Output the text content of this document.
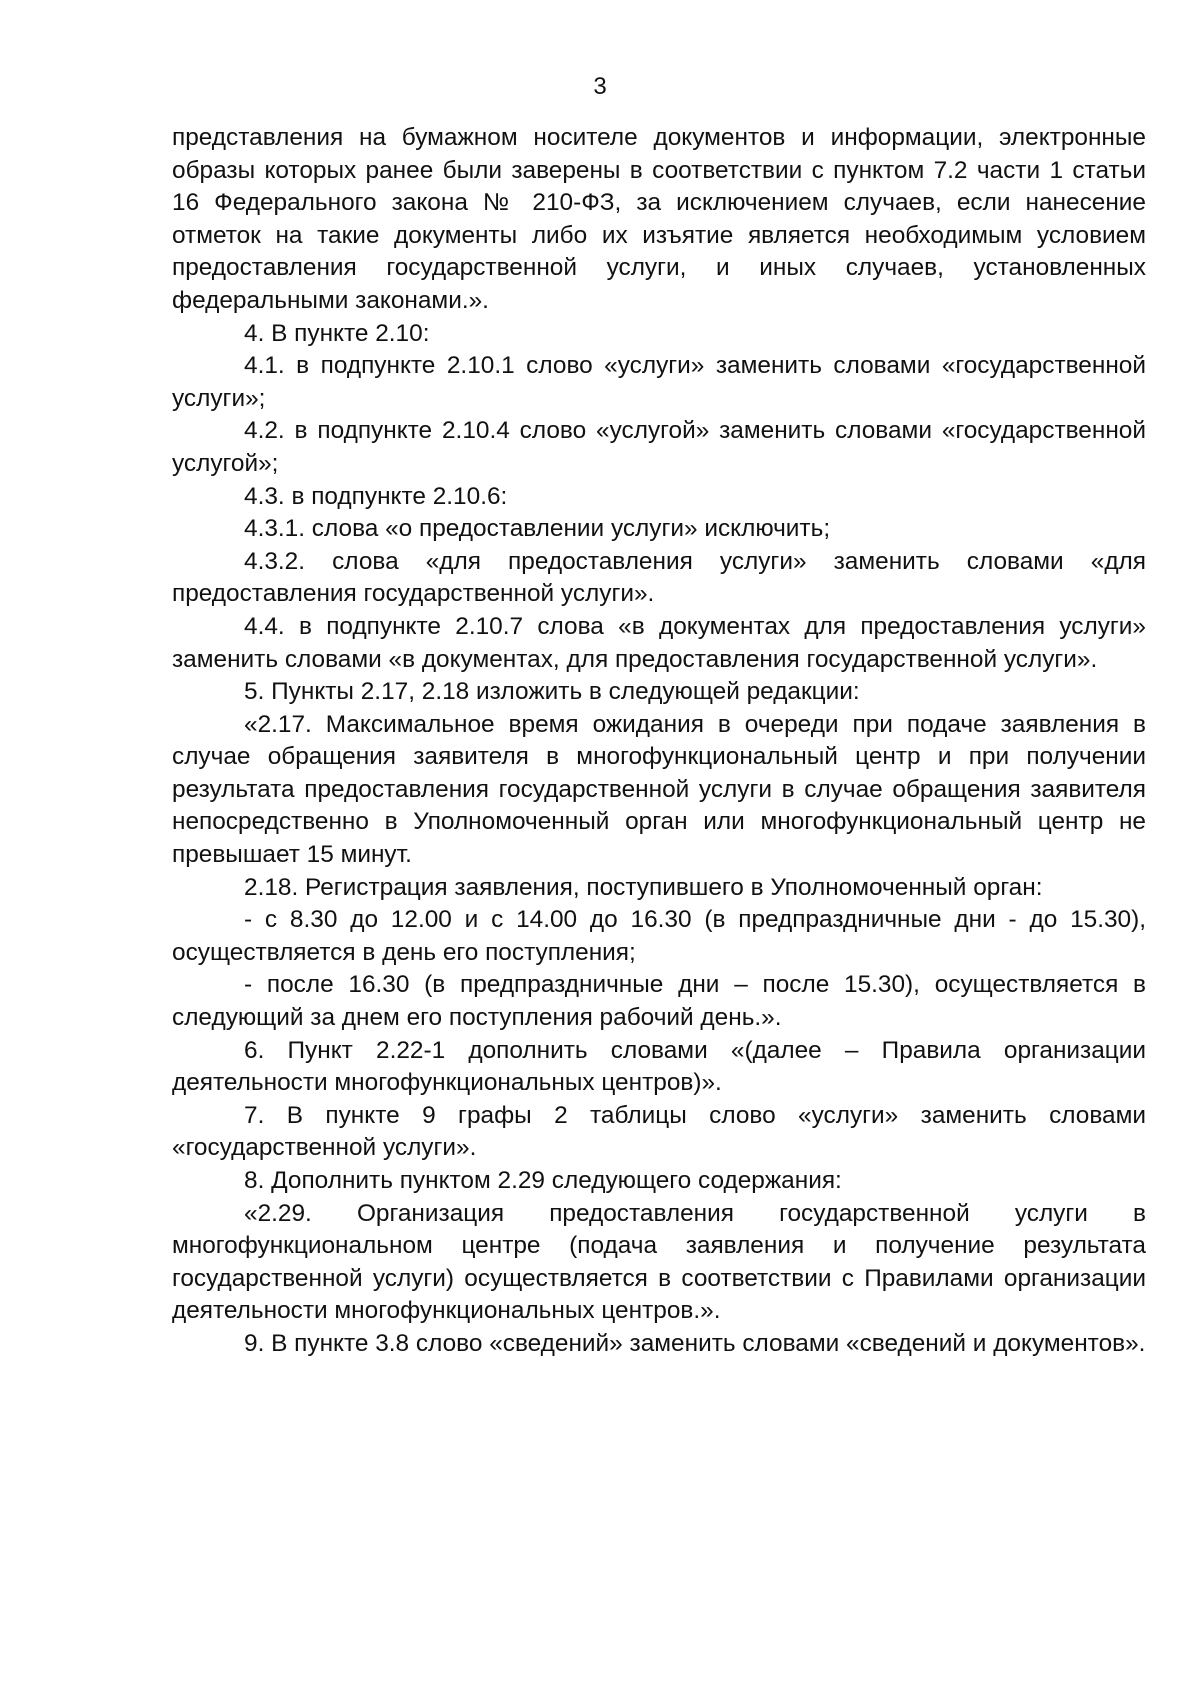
3

представления на бумажном носителе документов и информации, электронные образы которых ранее были заверены в соответствии с пунктом 7.2 части 1 статьи 16 Федерального закона № 210-ФЗ, за исключением случаев, если нанесение отметок на такие документы либо их изъятие является необходимым условием предоставления государственной услуги, и иных случаев, установленных федеральными законами.».

4. В пункте 2.10:

4.1. в подпункте 2.10.1 слово «услуги» заменить словами «государственной услуги»;

4.2. в подпункте 2.10.4 слово «услугой» заменить словами «государственной услугой»;

4.3. в подпункте 2.10.6:

4.3.1. слова «о предоставлении услуги» исключить;

4.3.2. слова «для предоставления услуги» заменить словами «для предоставления государственной услуги».

4.4. в подпункте 2.10.7 слова «в документах для предоставления услуги» заменить словами «в документах, для предоставления государственной услуги».

5. Пункты 2.17, 2.18 изложить в следующей редакции:

«2.17. Максимальное время ожидания в очереди при подаче заявления в случае обращения заявителя в многофункциональный центр и при получении результата предоставления государственной услуги в случае обращения заявителя непосредственно в Уполномоченный орган или многофункциональный центр не превышает 15 минут.

2.18. Регистрация заявления, поступившего в Уполномоченный орган:

- с 8.30 до 12.00 и с 14.00 до 16.30 (в предпраздничные дни - до 15.30), осуществляется в день его поступления;

- после 16.30 (в предпраздничные дни – после 15.30), осуществляется в следующий за днем его поступления рабочий день.».

6. Пункт 2.22-1 дополнить словами «(далее – Правила организации деятельности многофункциональных центров)».

7. В пункте 9 графы 2 таблицы слово «услуги» заменить словами «государственной услуги».

8. Дополнить пунктом 2.29 следующего содержания:

«2.29. Организация предоставления государственной услуги в многофункциональном центре (подача заявления и получение результата государственной услуги) осуществляется в соответствии с Правилами организации деятельности многофункциональных центров.».

9. В пункте 3.8 слово «сведений» заменить словами «сведений и документов».
